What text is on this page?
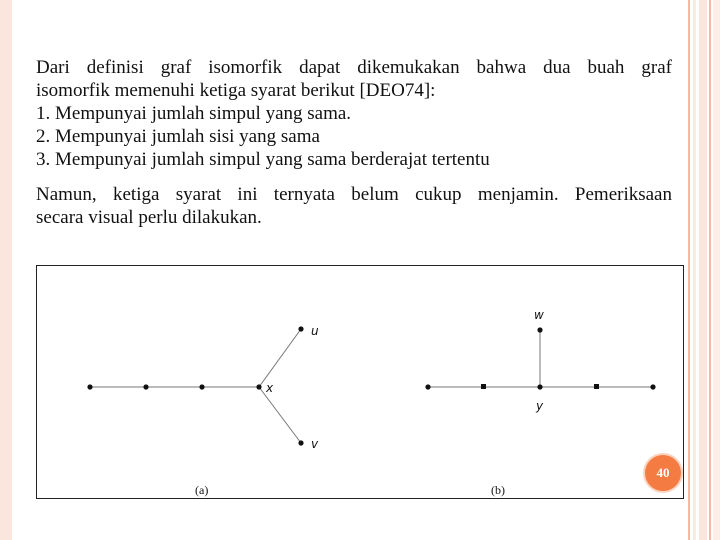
Dari definisi graf isomorfik dapat dikemukakan bahwa dua buah graf
isomorfik memenuhi ketiga syarat berikut [DEO74]:
1. Mempunyai jumlah simpul yang sama.
2. Mempunyai jumlah sisi yang sama
3. Mempunyai jumlah simpul yang sama berderajat tertentu
Namun, ketiga syarat ini ternyata belum cukup menjamin. Pemeriksaan
secara visual perlu dilakukan.
u
x
v
(a)
w
y
(b)
40
